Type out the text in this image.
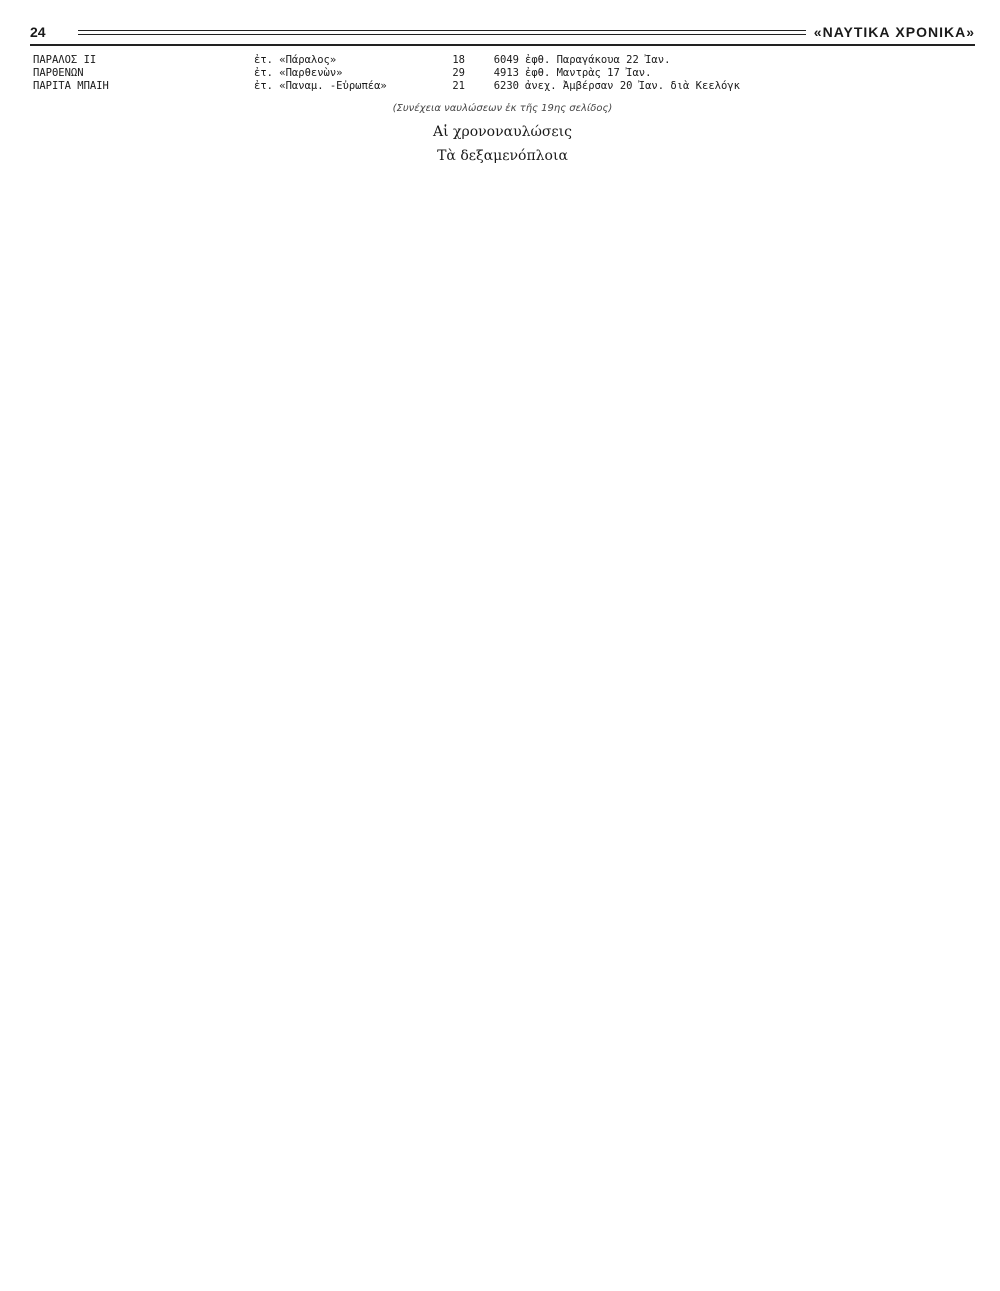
24	«ΝΑΥΤΙΚΑ ΧΡΟΝΙΚΑ»
ΠΑΡΑΛΟΣ ΙΙ	ἐτ. «Πάραλος»	18	6049	ἐφθ. Παραγάκουα 22 Ἰαν.
ΠΑΡΘΕΝΩΝ	ἐτ. «Παρθενὼν»	29	4913	ἐφθ. Μαντρὰς 17 Ἰαν.
ΠΑΡΙΤΑ ΜΠΑΙΗ	ἐτ. «Παναμ. -Εὐρωπέα»	21	6230	ἀνεχ. Ἀμβέρσαν 20 Ἰαν. διὰ Κεελόγκ
(Συνέχεια ναυλώσεων ἐκ τῆς 19ης σελίδος)
Αἱ χρονοναυλώσεις
Τὰ δεξαμενόπλοια
